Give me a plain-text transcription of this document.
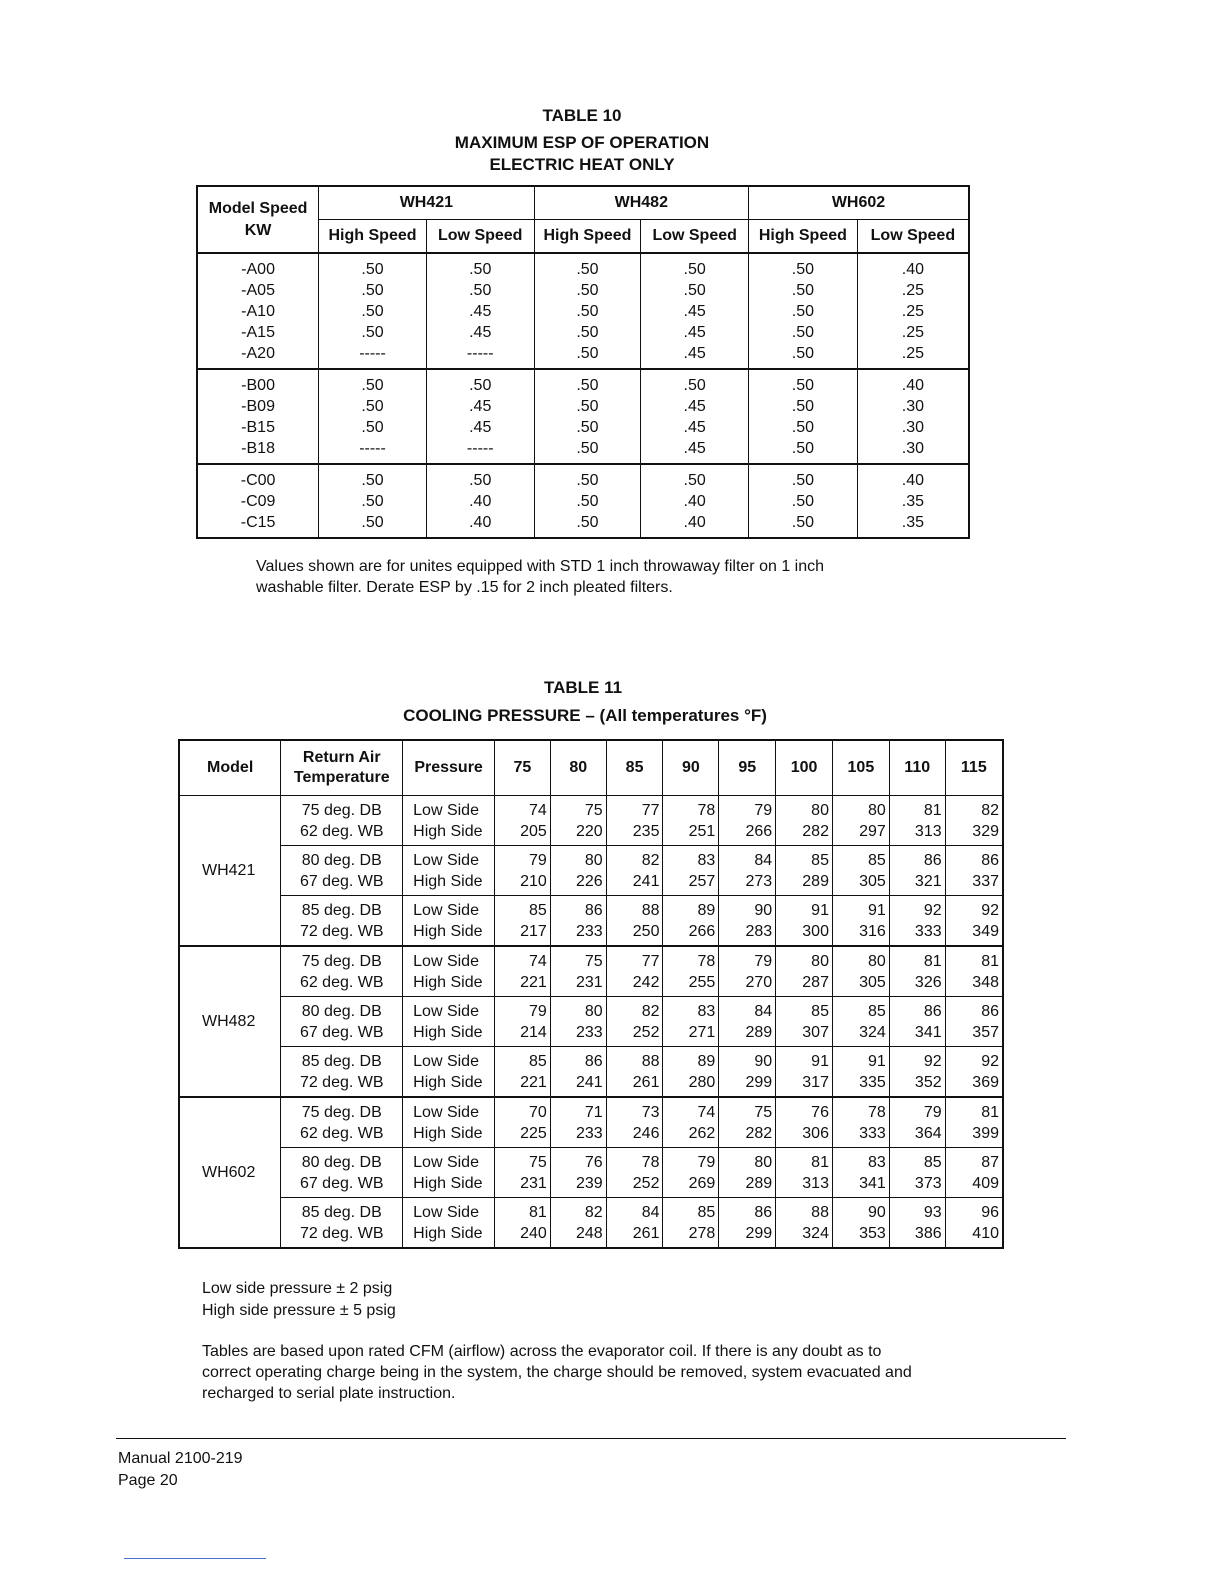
TABLE 10
MAXIMUM ESP OF OPERATION
ELECTRIC HEAT ONLY
Model Speed
KW	WH421		WH482		WH602	
	High Speed	Low Speed	High Speed	Low Speed	High Speed	Low Speed
-A00	.50	.50	.50	.50	.50	.40
-A05	.50	.50	.50	.50	.50	.25
-A10	.50	.45	.50	.45	.50	.25
-A15	.50	.45	.50	.45	.50	.25
-A20	-----	-----	.50	.45	.50	.25
-B00	.50	.50	.50	.50	.50	.40
-B09	.50	.45	.50	.45	.50	.30
-B15	.50	.45	.50	.45	.50	.30
-B18	-----	-----	.50	.45	.50	.30
-C00	.50	.50	.50	.50	.50	.40
-C09	.50	.40	.50	.40	.50	.35
-C15	.50	.40	.50	.40	.50	.35
Values shown are for unites equipped with STD 1 inch throwaway filter on 1 inch
washable filter. Derate ESP by .15 for 2 inch pleated filters.
TABLE 11
COOLING PRESSURE – (All temperatures °F)
Model	Return Air
Temperature	Pressure	75	80	85	90	95	100	105	110	115
WH421	75 deg. DB	Low Side	74	75	77	78	79	80	80	81	82
	62 deg. WB	High Side	205	220	235	251	266	282	297	313	329
	80 deg. DB	Low Side	79	80	82	83	84	85	85	86	86
	67 deg. WB	High Side	210	226	241	257	273	289	305	321	337
	85 deg. DB	Low Side	85	86	88	89	90	91	91	92	92
	72 deg. WB	High Side	217	233	250	266	283	300	316	333	349
WH482	75 deg. DB	Low Side	74	75	77	78	79	80	80	81	81
	62 deg. WB	High Side	221	231	242	255	270	287	305	326	348
	80 deg. DB	Low Side	79	80	82	83	84	85	85	86	86
	67 deg. WB	High Side	214	233	252	271	289	307	324	341	357
	85 deg. DB	Low Side	85	86	88	89	90	91	91	92	92
	72 deg. WB	High Side	221	241	261	280	299	317	335	352	369
WH602	75 deg. DB	Low Side	70	71	73	74	75	76	78	79	81
	62 deg. WB	High Side	225	233	246	262	282	306	333	364	399
	80 deg. DB	Low Side	75	76	78	79	80	81	83	85	87
	67 deg. WB	High Side	231	239	252	269	289	313	341	373	409
	85 deg. DB	Low Side	81	82	84	85	86	88	90	93	96
	72 deg. WB	High Side	240	248	261	278	299	324	353	386	410
Low side pressure ± 2 psig
High side pressure ± 5 psig
Tables are based upon rated CFM (airflow) across the evaporator coil. If there is any doubt as to
correct operating charge being in the system, the charge should be removed, system evacuated and
recharged to serial plate instruction.
Manual 2100-219
Page 20
